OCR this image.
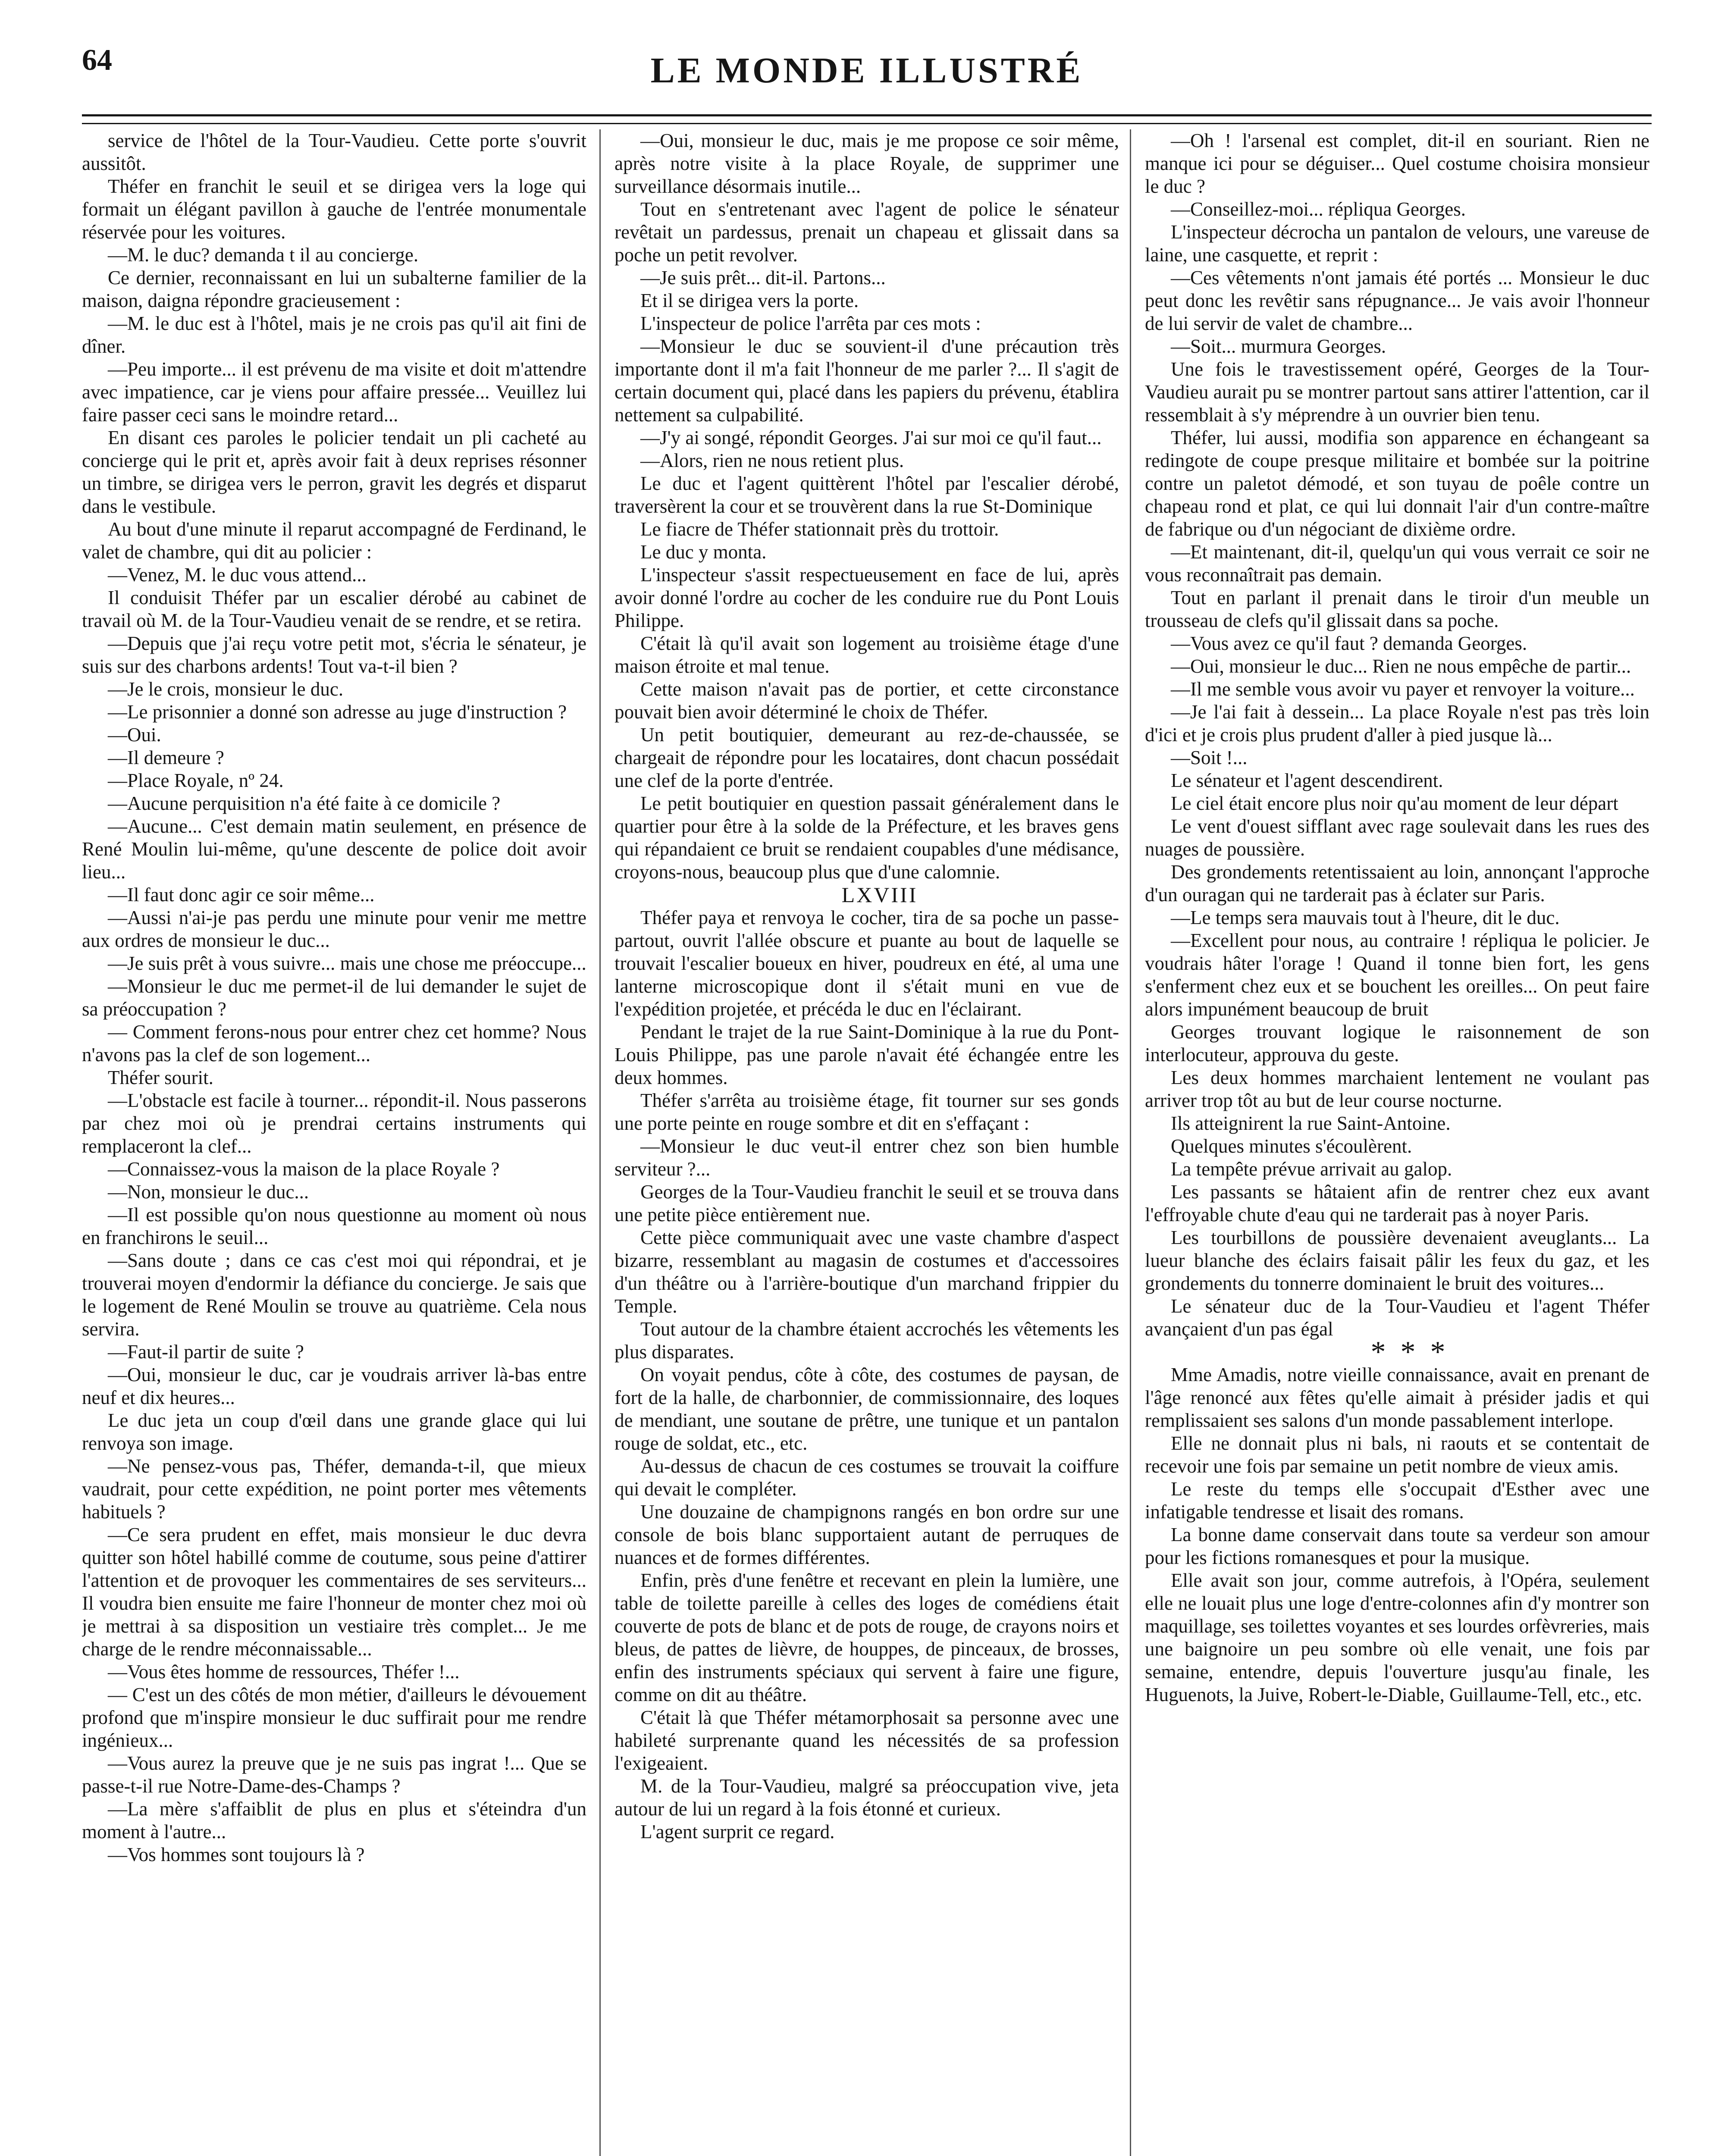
64	LE MONDE ILLUSTRÉ

service de l'hôtel de la Tour-Vaudieu. Cette porte s'ouvrit aussitôt.

Théfer en franchit le seuil et se dirigea vers la loge qui formait un élégant pavillon à gauche de l'entrée monumentale réservée pour les voitures.

—M. le duc? demanda t il au concierge.

Ce dernier, reconnaissant en lui un subalterne familier de la maison, daigna répondre gracieusement :

—M. le duc est à l'hôtel, mais je ne crois pas qu'il ait fini de dîner.

—Peu importe... il est prévenu de ma visite et doit m'attendre avec impatience, car je viens pour affaire pressée... Veuillez lui faire passer ceci sans le moindre retard...

En disant ces paroles le policier tendait un pli cacheté au concierge qui le prit et, après avoir fait à deux reprises résonner un timbre, se dirigea vers le perron, gravit les degrés et disparut dans le vestibule.

Au bout d'une minute il reparut accompagné de Ferdinand, le valet de chambre, qui dit au policier :

—Venez, M. le duc vous attend...

Il conduisit Théfer par un escalier dérobé au cabinet de travail où M. de la Tour-Vaudieu venait de se rendre, et se retira.

—Depuis que j'ai reçu votre petit mot, s'écria le sénateur, je suis sur des charbons ardents! Tout va-t-il bien ?

—Je le crois, monsieur le duc.

—Le prisonnier a donné son adresse au juge d'instruction ?

—Oui.

—Il demeure ?

—Place Royale, nº 24.

—Aucune perquisition n'a été faite à ce domicile ?

—Aucune... C'est demain matin seulement, en présence de René Moulin lui-même, qu'une descente de police doit avoir lieu...

—Il faut donc agir ce soir même...

—Aussi n'ai-je pas perdu une minute pour venir me mettre aux ordres de monsieur le duc...

—Je suis prêt à vous suivre... mais une chose me préoccupe...

—Monsieur le duc me permet-il de lui demander le sujet de sa préoccupation ?

— Comment ferons-nous pour entrer chez cet homme? Nous n'avons pas la clef de son logement...

Théfer sourit.

—L'obstacle est facile à tourner... répondit-il. Nous passerons par chez moi où je prendrai certains instruments qui remplaceront la clef...

—Connaissez-vous la maison de la place Royale ?

—Non, monsieur le duc...

—Il est possible qu'on nous questionne au moment où nous en franchirons le seuil...

—Sans doute ; dans ce cas c'est moi qui répondrai, et je trouverai moyen d'endormir la défiance du concierge. Je sais que le logement de René Moulin se trouve au quatrième. Cela nous servira.

—Faut-il partir de suite ?

—Oui, monsieur le duc, car je voudrais arriver là-bas entre neuf et dix heures...

Le duc jeta un coup d'œil dans une grande glace qui lui renvoya son image.

—Ne pensez-vous pas, Théfer, demanda-t-il, que mieux vaudrait, pour cette expédition, ne point porter mes vêtements habituels ?

—Ce sera prudent en effet, mais monsieur le duc devra quitter son hôtel habillé comme de coutume, sous peine d'attirer l'attention et de provoquer les commentaires de ses serviteurs... Il voudra bien ensuite me faire l'honneur de monter chez moi où je mettrai à sa disposition un vestiaire très complet... Je me charge de le rendre méconnaissable...

—Vous êtes homme de ressources, Théfer !...

— C'est un des côtés de mon métier, d'ailleurs le dévouement profond que m'inspire monsieur le duc suffirait pour me rendre ingénieux...

—Vous aurez la preuve que je ne suis pas ingrat !... Que se passe-t-il rue Notre-Dame-des-Champs ?

—La mère s'affaiblit de plus en plus et s'éteindra d'un moment à l'autre...

—Vos hommes sont toujours là ?

—Oui, monsieur le duc, mais je me propose ce soir même, après notre visite à la place Royale, de supprimer une surveillance désormais inutile...

Tout en s'entretenant avec l'agent de police le sénateur revêtait un pardessus, prenait un chapeau et glissait dans sa poche un petit revolver.

—Je suis prêt... dit-il. Partons...

Et il se dirigea vers la porte.

L'inspecteur de police l'arrêta par ces mots :

—Monsieur le duc se souvient-il d'une précaution très importante dont il m'a fait l'honneur de me parler ?... Il s'agit de certain document qui, placé dans les papiers du prévenu, établira nettement sa culpabilité.

—J'y ai songé, répondit Georges. J'ai sur moi ce qu'il faut...

—Alors, rien ne nous retient plus.

Le duc et l'agent quittèrent l'hôtel par l'escalier dérobé, traversèrent la cour et se trouvèrent dans la rue St-Dominique

Le fiacre de Théfer stationnait près du trottoir.

Le duc y monta.

L'inspecteur s'assit respectueusement en face de lui, après avoir donné l'ordre au cocher de les conduire rue du Pont Louis Philippe.

C'était là qu'il avait son logement au troisième étage d'une maison étroite et mal tenue.

Cette maison n'avait pas de portier, et cette circonstance pouvait bien avoir déterminé le choix de Théfer.

Un petit boutiquier, demeurant au rez-de-chaussée, se chargeait de répondre pour les locataires, dont chacun possédait une clef de la porte d'entrée.

Le petit boutiquier en question passait généralement dans le quartier pour être à la solde de la Préfecture, et les braves gens qui répandaient ce bruit se rendaient coupables d'une médisance, croyons-nous, beaucoup plus que d'une calomnie.

LXVIII

Théfer paya et renvoya le cocher, tira de sa poche un passe-partout, ouvrit l'allée obscure et puante au bout de laquelle se trouvait l'escalier boueux en hiver, poudreux en été, al uma une lanterne microscopique dont il s'était muni en vue de l'expédition projetée, et précéda le duc en l'éclairant.

Pendant le trajet de la rue Saint-Dominique à la rue du Pont-Louis Philippe, pas une parole n'avait été échangée entre les deux hommes.

Théfer s'arrêta au troisième étage, fit tourner sur ses gonds une porte peinte en rouge sombre et dit en s'effaçant :

—Monsieur le duc veut-il entrer chez son bien humble serviteur ?...

Georges de la Tour-Vaudieu franchit le seuil et se trouva dans une petite pièce entièrement nue.

Cette pièce communiquait avec une vaste chambre d'aspect bizarre, ressemblant au magasin de costumes et d'accessoires d'un théâtre ou à l'arrière-boutique d'un marchand frippier du Temple.

Tout autour de la chambre étaient accrochés les vêtements les plus disparates.

On voyait pendus, côte à côte, des costumes de paysan, de fort de la halle, de charbonnier, de commissionnaire, des loques de mendiant, une soutane de prêtre, une tunique et un pantalon rouge de soldat, etc., etc.

Au-dessus de chacun de ces costumes se trouvait la coiffure qui devait le compléter.

Une douzaine de champignons rangés en bon ordre sur une console de bois blanc supportaient autant de perruques de nuances et de formes différentes.

Enfin, près d'une fenêtre et recevant en plein la lumière, une table de toilette pareille à celles des loges de comédiens était couverte de pots de blanc et de pots de rouge, de crayons noirs et bleus, de pattes de lièvre, de houppes, de pinceaux, de brosses, enfin des instruments spéciaux qui servent à faire une figure, comme on dit au théâtre.

C'était là que Théfer métamorphosait sa personne avec une habileté surprenante quand les nécessités de sa profession l'exigeaient.

M. de la Tour-Vaudieu, malgré sa préoccupation vive, jeta autour de lui un regard à la fois étonné et curieux.

L'agent surprit ce regard.

—Oh ! l'arsenal est complet, dit-il en souriant. Rien ne manque ici pour se déguiser... Quel costume choisira monsieur le duc ?

—Conseillez-moi... répliqua Georges.

L'inspecteur décrocha un pantalon de velours, une vareuse de laine, une casquette, et reprit :

—Ces vêtements n'ont jamais été portés ... Monsieur le duc peut donc les revêtir sans répugnance... Je vais avoir l'honneur de lui servir de valet de chambre...

—Soit... murmura Georges.

Une fois le travestissement opéré, Georges de la Tour-Vaudieu aurait pu se montrer partout sans attirer l'attention, car il ressemblait à s'y méprendre à un ouvrier bien tenu.

Théfer, lui aussi, modifia son apparence en échangeant sa redingote de coupe presque militaire et bombée sur la poitrine contre un paletot démodé, et son tuyau de poêle contre un chapeau rond et plat, ce qui lui donnait l'air d'un contre-maître de fabrique ou d'un négociant de dixième ordre.

—Et maintenant, dit-il, quelqu'un qui vous verrait ce soir ne vous reconnaîtrait pas demain.

Tout en parlant il prenait dans le tiroir d'un meuble un trousseau de clefs qu'il glissait dans sa poche.

—Vous avez ce qu'il faut ? demanda Georges.

—Oui, monsieur le duc... Rien ne nous empêche de partir...

—Il me semble vous avoir vu payer et renvoyer la voiture...

—Je l'ai fait à dessein... La place Royale n'est pas très loin d'ici et je crois plus prudent d'aller à pied jusque là...

—Soit !...

Le sénateur et l'agent descendirent.

Le ciel était encore plus noir qu'au moment de leur départ

Le vent d'ouest sifflant avec rage soulevait dans les rues des nuages de poussière.

Des grondements retentissaient au loin, annonçant l'approche d'un ouragan qui ne tarderait pas à éclater sur Paris.

—Le temps sera mauvais tout à l'heure, dit le duc.

—Excellent pour nous, au contraire ! répliqua le policier. Je voudrais hâter l'orage ! Quand il tonne bien fort, les gens s'enferment chez eux et se bouchent les oreilles... On peut faire alors impunément beaucoup de bruit

Georges trouvant logique le raisonnement de son interlocuteur, approuva du geste.

Les deux hommes marchaient lentement ne voulant pas arriver trop tôt au but de leur course nocturne.

Ils atteignirent la rue Saint-Antoine.

Quelques minutes s'écoulèrent.

La tempête prévue arrivait au galop.

Les passants se hâtaient afin de rentrer chez eux avant l'effroyable chute d'eau qui ne tarderait pas à noyer Paris.

Les tourbillons de poussière devenaient aveuglants... La lueur blanche des éclairs faisait pâlir les feux du gaz, et les grondements du tonnerre dominaient le bruit des voitures...

Le sénateur duc de la Tour-Vaudieu et l'agent Théfer avançaient d'un pas égal

* * *

Mme Amadis, notre vieille connaissance, avait en prenant de l'âge renoncé aux fêtes qu'elle aimait à présider jadis et qui remplissaient ses salons d'un monde passablement interlope.

Elle ne donnait plus ni bals, ni raouts et se contentait de recevoir une fois par semaine un petit nombre de vieux amis.

Le reste du temps elle s'occupait d'Esther avec une infatigable tendresse et lisait des romans.

La bonne dame conservait dans toute sa verdeur son amour pour les fictions romanesques et pour la musique.

Elle avait son jour, comme autrefois, à l'Opéra, seulement elle ne louait plus une loge d'entre-colonnes afin d'y montrer son maquillage, ses toilettes voyantes et ses lourdes orfèvreries, mais une baignoire un peu sombre où elle venait, une fois par semaine, entendre, depuis l'ouverture jusqu'au finale, les Huguenots, la Juive, Robert-le-Diable, Guillaume-Tell, etc., etc.
